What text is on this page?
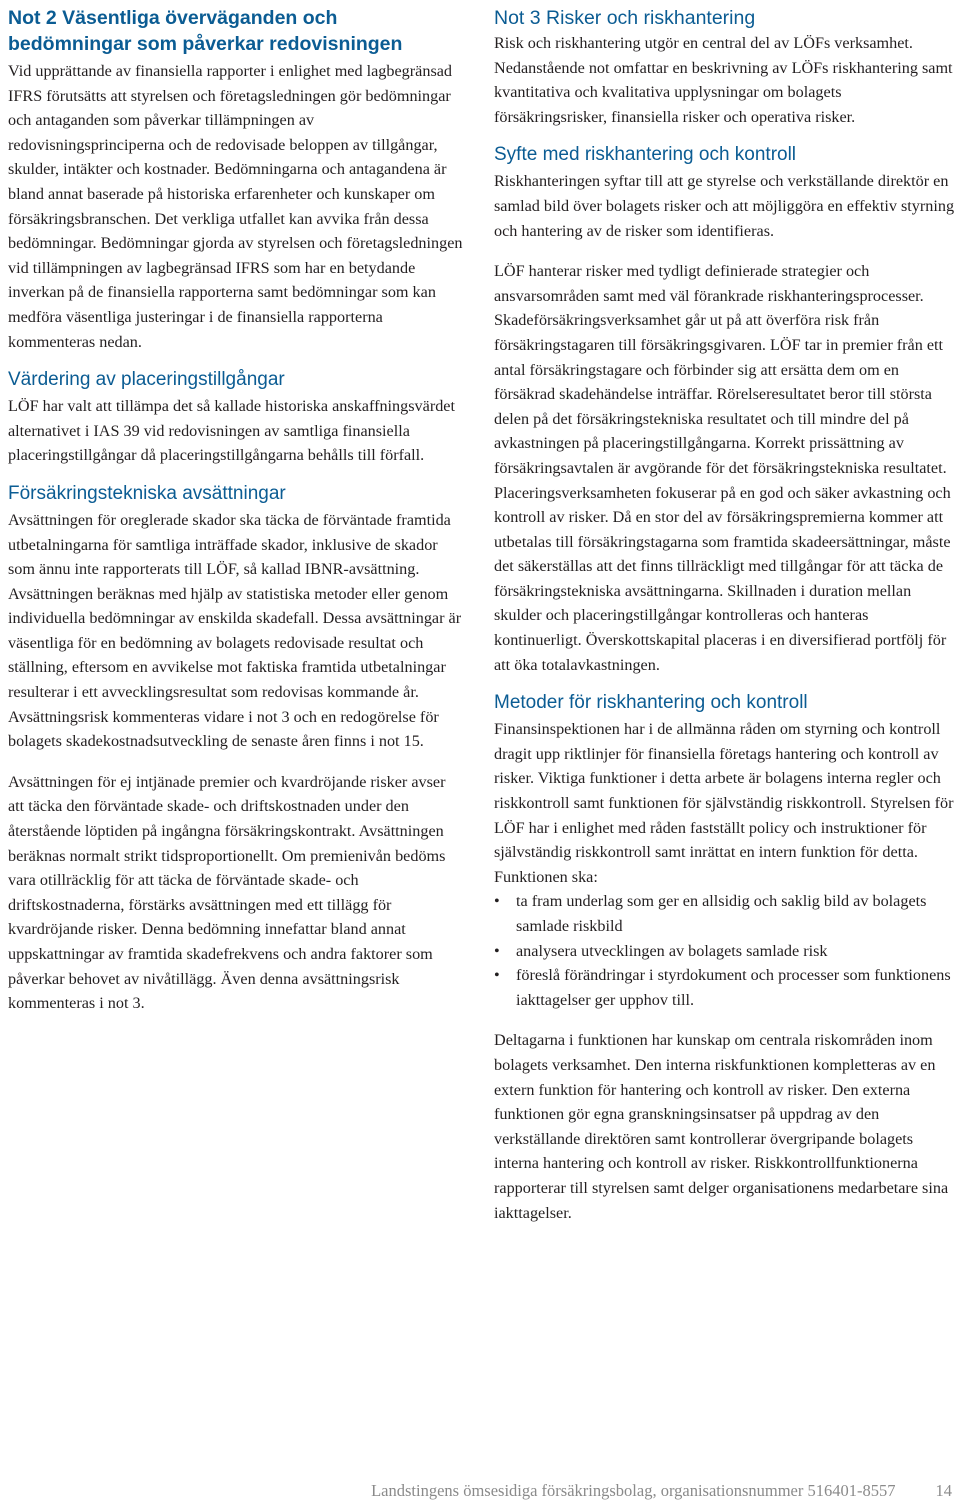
Not 2 Väsentliga överväganden och bedömningar som påverkar redovisningen

Vid upprättande av finansiella rapporter i enlighet med lagbegränsad IFRS förutsätts att styrelsen och företagsledningen gör bedömningar och antaganden som påverkar tillämpningen av redovisningsprinciperna och de redovisade beloppen av tillgångar, skulder, intäkter och kostnader. Bedömningarna och antagandena är bland annat baserade på historiska erfarenheter och kunskaper om försäkringsbranschen. Det verkliga utfallet kan avvika från dessa bedömningar. Bedömningar gjorda av styrelsen och företagsledningen vid tillämpningen av lagbegränsad IFRS som har en betydande inverkan på de finansiella rapporterna samt bedömningar som kan medföra väsentliga justeringar i de finansiella rapporterna kommenteras nedan.

Värdering av placeringstillgångar

LÖF har valt att tillämpa det så kallade historiska anskaffningsvärdet alternativet i IAS 39 vid redovisningen av samtliga finansiella placeringstillgångar då placeringstillgångarna behålls till förfall.

Försäkringstekniska avsättningar

Avsättningen för oreglerade skador ska täcka de förväntade framtida utbetalningarna för samtliga inträffade skador, inklusive de skador som ännu inte rapporterats till LÖF, så kallad IBNR-avsättning. Avsättningen beräknas med hjälp av statistiska metoder eller genom individuella bedömningar av enskilda skadefall. Dessa avsättningar är väsentliga för en bedömning av bolagets redovisade resultat och ställning, eftersom en avvikelse mot faktiska framtida utbetalningar resulterar i ett avvecklingsresultat som redovisas kommande år. Avsättningsrisk kommenteras vidare i not 3 och en redogörelse för bolagets skadekostnadsutveckling de senaste åren finns i not 15.

Avsättningen för ej intjänade premier och kvardröjande risker avser att täcka den förväntade skade- och driftskostnaden under den återstående löptiden på ingångna försäkringskontrakt. Avsättningen beräknas normalt strikt tidsproportionellt. Om premienivån bedöms vara otillräcklig för att täcka de förväntade skade- och driftskostnaderna, förstärks avsättningen med ett tillägg för kvardröjande risker. Denna bedömning innefattar bland annat uppskattningar av framtida skadefrekvens och andra faktorer som påverkar behovet av nivåtillägg. Även denna avsättningsrisk kommenteras i not 3.

Not 3 Risker och riskhantering

Risk och riskhantering utgör en central del av LÖFs verksamhet. Nedanstående not omfattar en beskrivning av LÖFs riskhantering samt kvantitativa och kvalitativa upplysningar om bolagets försäkringsrisker, finansiella risker och operativa risker.

Syfte med riskhantering och kontroll

Riskhanteringen syftar till att ge styrelse och verkställande direktör en samlad bild över bolagets risker och att möjliggöra en effektiv styrning och hantering av de risker som identifieras.

LÖF hanterar risker med tydligt definierade strategier och ansvarsområden samt med väl förankrade riskhanteringsprocesser. Skadeförsäkringsverksamhet går ut på att överföra risk från försäkringstagaren till försäkringsgivaren. LÖF tar in premier från ett antal försäkringstagare och förbinder sig att ersätta dem om en försäkrad skadehändelse inträffar. Rörelseresultatet beror till största delen på det försäkringstekniska resultatet och till mindre del på avkastningen på placeringstillgångarna. Korrekt prissättning av försäkringsavtalen är avgörande för det försäkringstekniska resultatet. Placeringsverksamheten fokuserar på en god och säker avkastning och kontroll av risker. Då en stor del av försäkringspremierna kommer att utbetalas till försäkringstagarna som framtida skadeersättningar, måste det säkerställas att det finns tillräckligt med tillgångar för att täcka de försäkringstekniska avsättningarna. Skillnaden i duration mellan skulder och placeringstillgångar kontrolleras och hanteras kontinuerligt. Överskottskapital placeras i en diversifierad portfölj för att öka totalavkastningen.

Metoder för riskhantering och kontroll

Finansinspektionen har i de allmänna råden om styrning och kontroll dragit upp riktlinjer för finansiella företags hantering och kontroll av risker. Viktiga funktioner i detta arbete är bolagens interna regler och riskkontroll samt funktionen för självständig riskkontroll. Styrelsen för LÖF har i enlighet med råden fastställt policy och instruktioner för självständig riskkontroll samt inrättat en intern funktion för detta. Funktionen ska:

• ta fram underlag som ger en allsidig och saklig bild av bolagets samlade riskbild
• analysera utvecklingen av bolagets samlade risk
• föreslå förändringar i styrdokument och processer som funktionens iakttagelser ger upphov till.

Deltagarna i funktionen har kunskap om centrala riskområden inom bolagets verksamhet. Den interna riskfunktionen kompletteras av en extern funktion för hantering och kontroll av risker. Den externa funktionen gör egna granskningsinsatser på uppdrag av den verkställande direktören samt kontrollerar övergripande bolagets interna hantering och kontroll av risker. Riskkontrollfunktionerna rapporterar till styrelsen samt delger organisationens medarbetare sina iakttagelser.

Landstingens ömsesidiga försäkringsbolag, organisationsnummer 516401-8557 14
